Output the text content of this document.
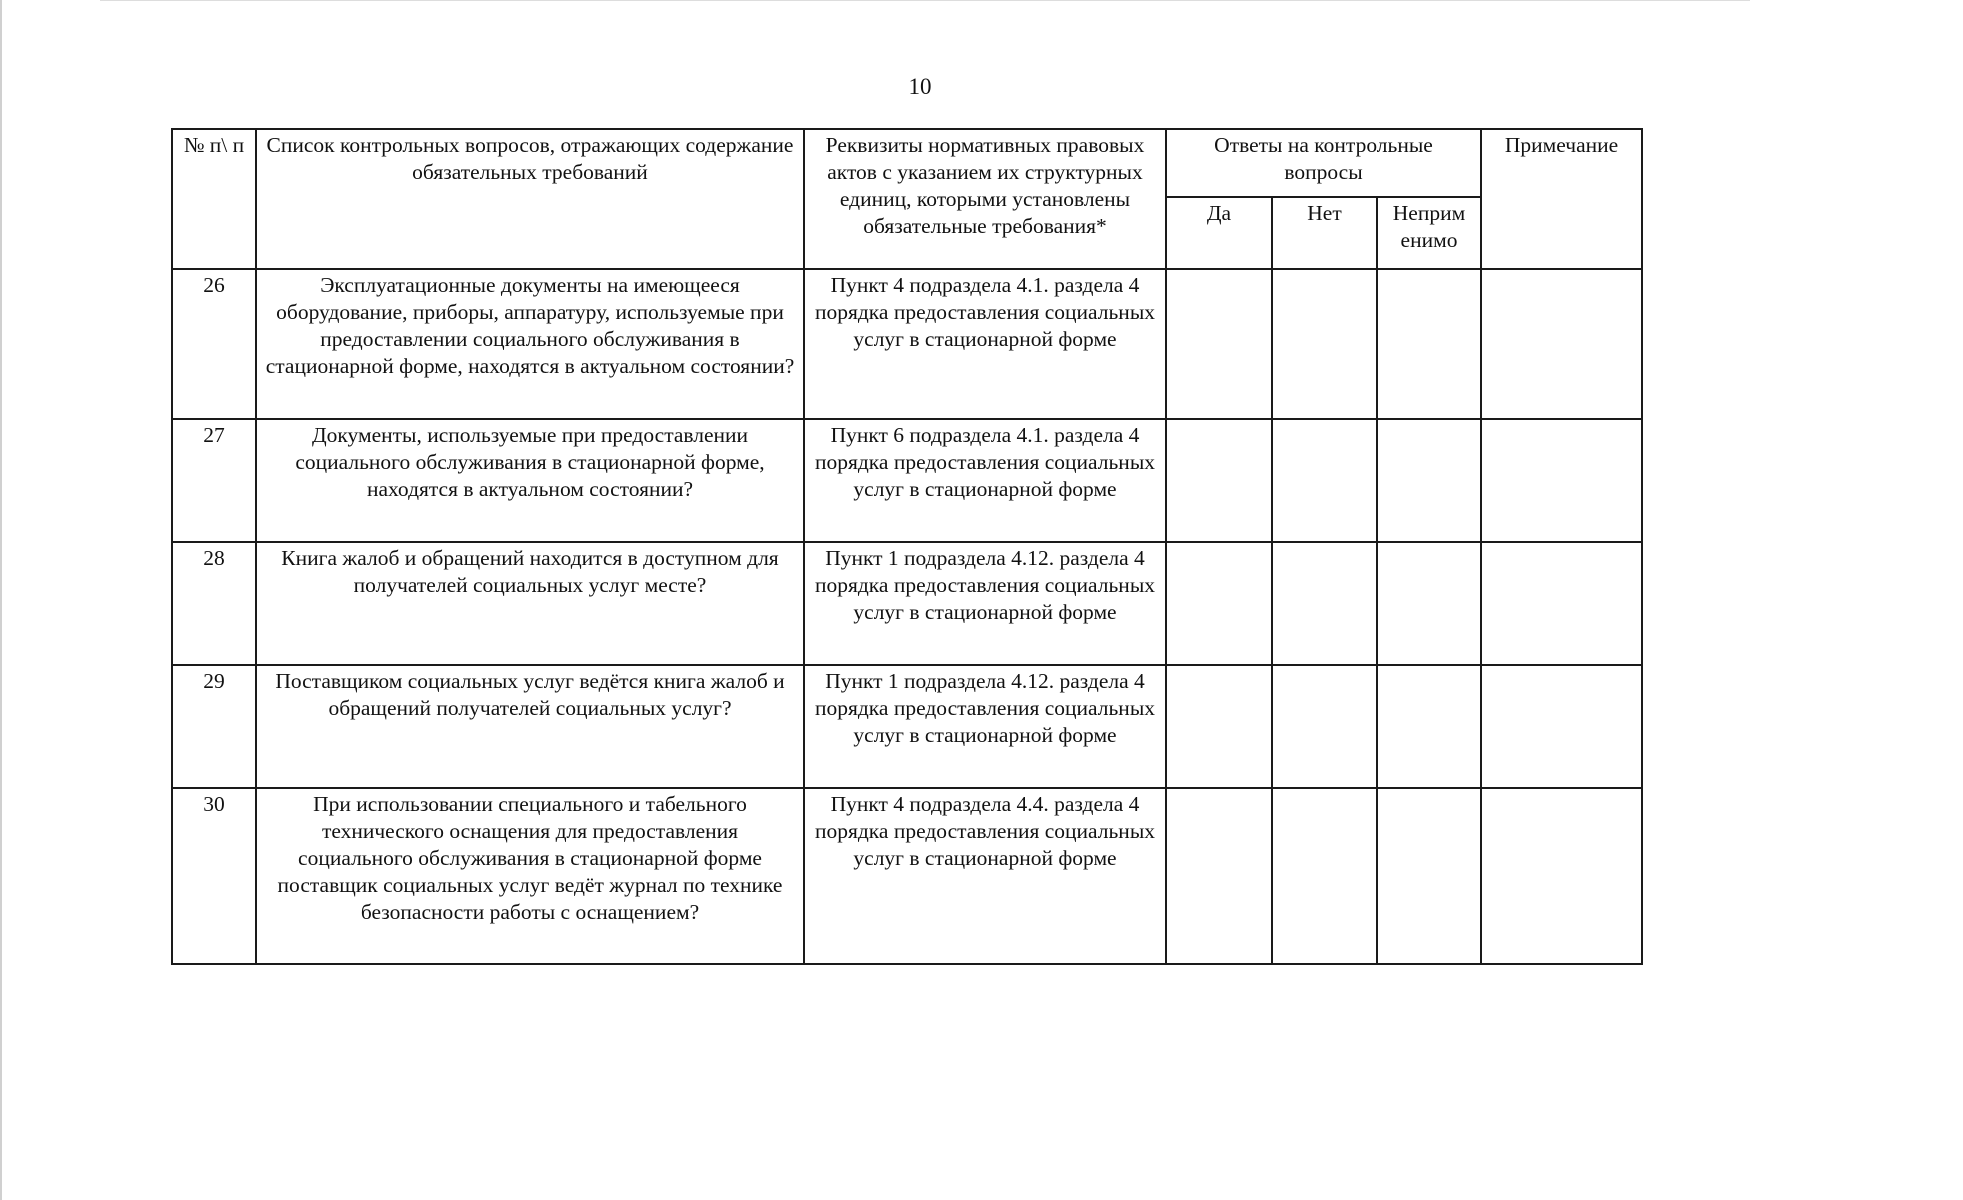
10
№ п\ п	Список контрольных вопросов, отражающих содержание обязательных требований	Реквизиты нормативных правовых актов с указанием их структурных единиц, которыми установлены обязательные требования*	Ответы на контрольные вопросы			Примечание
			Да	Нет	Неприм енимо	
26	Эксплуатационные документы на имеющееся оборудование, приборы, аппаратуру, используемые при предоставлении социального обслуживания в стационарной форме, находятся в актуальном состоянии?	Пункт 4 подраздела 4.1. раздела 4 порядка предоставления социальных услуг в стационарной форме				
27	Документы, используемые при предоставлении социального обслуживания в стационарной форме, находятся в актуальном состоянии?	Пункт 6 подраздела 4.1. раздела 4 порядка предоставления социальных услуг в стационарной форме				
28	Книга жалоб и обращений находится в доступном для получателей социальных услуг месте?	Пункт 1 подраздела 4.12. раздела 4 порядка предоставления социальных услуг в стационарной форме				
29	Поставщиком социальных услуг ведётся книга жалоб и обращений получателей социальных услуг?	Пункт 1 подраздела 4.12. раздела 4 порядка предоставления социальных услуг в стационарной форме				
30	При использовании специального и табельного технического оснащения для предоставления социального обслуживания в стационарной форме поставщик социальных услуг ведёт журнал по технике безопасности работы с оснащением?	Пункт 4 подраздела 4.4. раздела 4 порядка предоставления социальных услуг в стационарной форме				
